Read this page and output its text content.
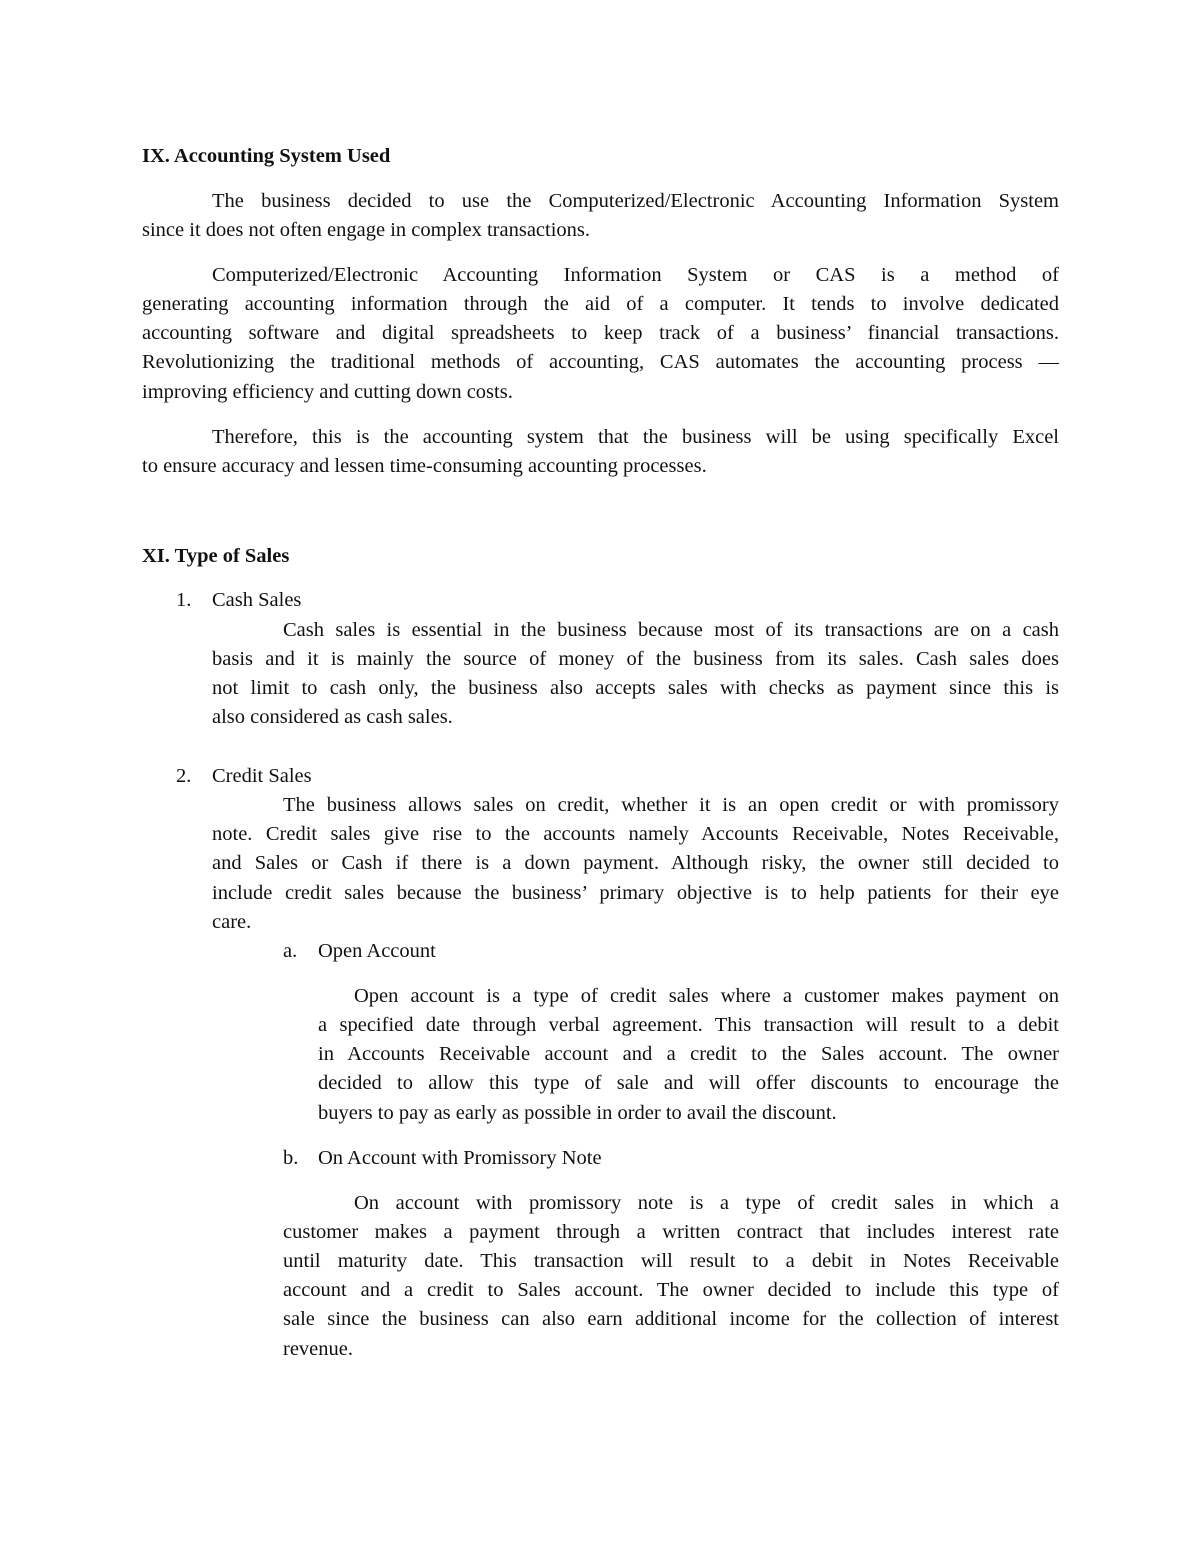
IX. Accounting System Used
The business decided to use the Computerized/Electronic Accounting Information System
since it does not often engage in complex transactions.
Computerized/Electronic Accounting Information System or CAS is a method of
generating accounting information through the aid of a computer. It tends to involve dedicated
accounting software and digital spreadsheets to keep track of a business’ financial transactions.
Revolutionizing the traditional methods of accounting, CAS automates the accounting process —
improving efficiency and cutting down costs.
Therefore, this is the accounting system that the business will be using specifically Excel
to ensure accuracy and lessen time-consuming accounting processes.
XI. Type of Sales
1. Cash Sales
Cash sales is essential in the business because most of its transactions are on a cash
basis and it is mainly the source of money of the business from its sales. Cash sales does
not limit to cash only, the business also accepts sales with checks as payment since this is
also considered as cash sales.
2. Credit Sales
The business allows sales on credit, whether it is an open credit or with promissory
note. Credit sales give rise to the accounts namely Accounts Receivable, Notes Receivable,
and Sales or Cash if there is a down payment. Although risky, the owner still decided to
include credit sales because the business’ primary objective is to help patients for their eye
care.
a. Open Account
Open account is a type of credit sales where a customer makes payment on
a specified date through verbal agreement. This transaction will result to a debit
in Accounts Receivable account and a credit to the Sales account. The owner
decided to allow this type of sale and will offer discounts to encourage the
buyers to pay as early as possible in order to avail the discount.
b. On Account with Promissory Note
On account with promissory note is a type of credit sales in which a
customer makes a payment through a written contract that includes interest rate
until maturity date. This transaction will result to a debit in Notes Receivable
account and a credit to Sales account. The owner decided to include this type of
sale since the business can also earn additional income for the collection of interest
revenue.
